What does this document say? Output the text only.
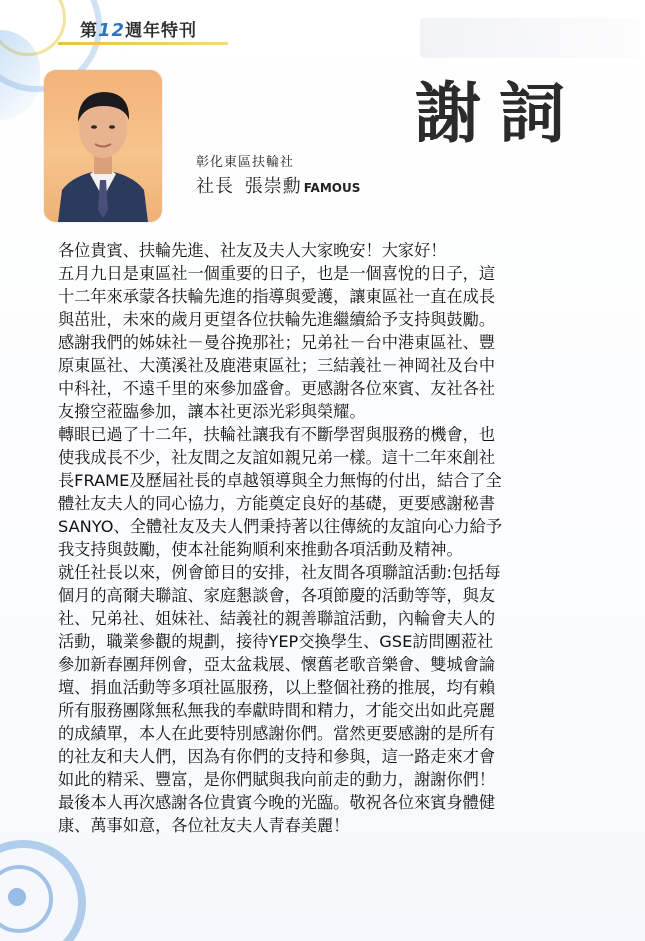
第12週年特刊
謝詞
彰化東區扶輪社
社長 張崇勳 FAMOUS
各位貴賓、扶輪先進、社友及夫人大家晚安！大家好！
五月九日是東區社一個重要的日子，也是一個喜悅的日子，這
十二年來承蒙各扶輪先進的指導與愛護，讓東區社一直在成長
與茁壯，未來的歲月更望各位扶輪先進繼續給予支持與鼓勵。
感謝我們的姊妹社－曼谷挽那社；兄弟社－台中港東區社、豐
原東區社、大漢溪社及鹿港東區社；三結義社－神岡社及台中
中科社，不遠千里的來參加盛會。更感謝各位來賓、友社各社
友撥空蒞臨參加，讓本社更添光彩與榮耀。
轉眼已過了十二年，扶輪社讓我有不斷學習與服務的機會，也
使我成長不少，社友間之友誼如親兄弟一樣。這十二年來創社
長FRAME及歷屆社長的卓越領導與全力無悔的付出，結合了全
體社友夫人的同心協力，方能奠定良好的基礎，更要感謝秘書
SANYO、全體社友及夫人們秉持著以往傳統的友誼向心力給予
我支持與鼓勵，使本社能夠順利來推動各項活動及精神。
就任社長以來，例會節目的安排，社友間各項聯誼活動:包括每
個月的高爾夫聯誼、家庭懇談會，各項節慶的活動等等，與友
社、兄弟社、姐妹社、結義社的親善聯誼活動，內輪會夫人的
活動，職業參觀的規劃，接待YEP交換學生、GSE訪問團蒞社
參加新春團拜例會，亞太盆栽展、懷舊老歌音樂會、雙城會論
壇、捐血活動等多項社區服務，以上整個社務的推展，均有賴
所有服務團隊無私無我的奉獻時間和精力，才能交出如此亮麗
的成績單，本人在此要特別感謝你們。當然更要感謝的是所有
的社友和夫人們，因為有你們的支持和參與，這一路走來才會
如此的精采、豐富，是你們賦與我向前走的動力，謝謝你們！
最後本人再次感謝各位貴賓今晚的光臨。敬祝各位來賓身體健
康、萬事如意，各位社友夫人青春美麗！
